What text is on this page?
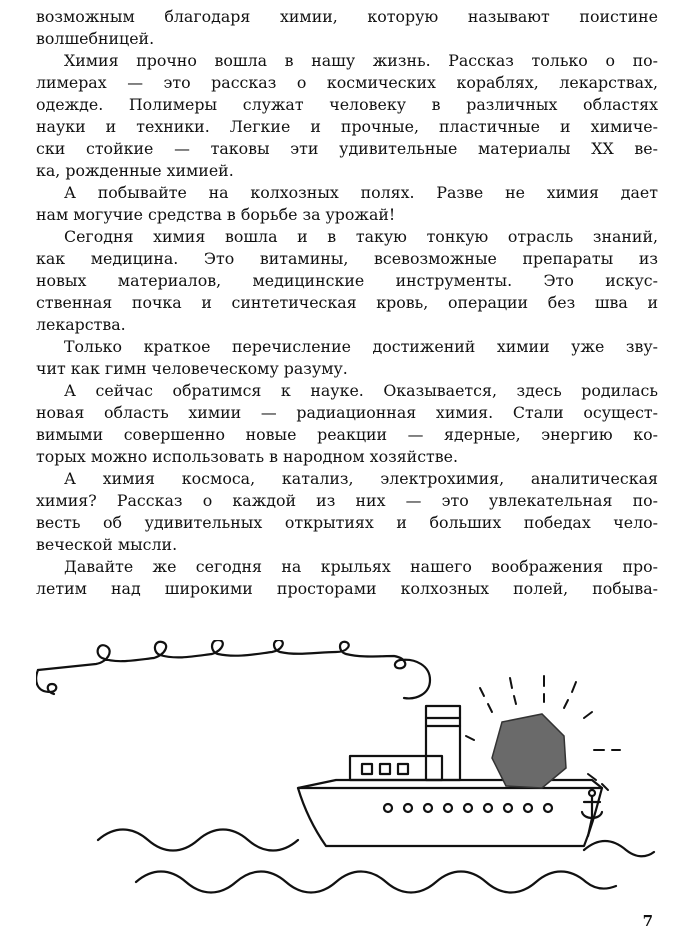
возможным благодаря химии, которую называют поистине
волшебницей.
Химия прочно вошла в нашу жизнь. Рассказ только о по-
лимерах — это рассказ о космических кораблях, лекарствах,
одежде. Полимеры служат человеку в различных областях
науки и техники. Легкие и прочные, пластичные и химиче-
ски стойкие — таковы эти удивительные материалы XX ве-
ка, рожденные химией.
А побывайте на колхозных полях. Разве не химия дает
нам могучие средства в борьбе за урожай!
Сегодня химия вошла и в такую тонкую отрасль знаний,
как медицина. Это витамины, всевозможные препараты из
новых материалов, медицинские инструменты. Это искус-
ственная почка и синтетическая кровь, операции без шва и
лекарства.
Только краткое перечисление достижений химии уже зву-
чит как гимн человеческому разуму.
А сейчас обратимся к науке. Оказывается, здесь родилась
новая область химии — радиационная химия. Стали осущест-
вимыми совершенно новые реакции — ядерные, энергию ко-
торых можно использовать в народном хозяйстве.
А химия космоса, катализ, электрохимия, аналитическая
химия? Рассказ о каждой из них — это увлекательная по-
весть об удивительных открытиях и больших победах чело-
веческой мысли.
Давайте же сегодня на крыльях нашего воображения про-
летим над широкими просторами колхозных полей, побыва-
7
